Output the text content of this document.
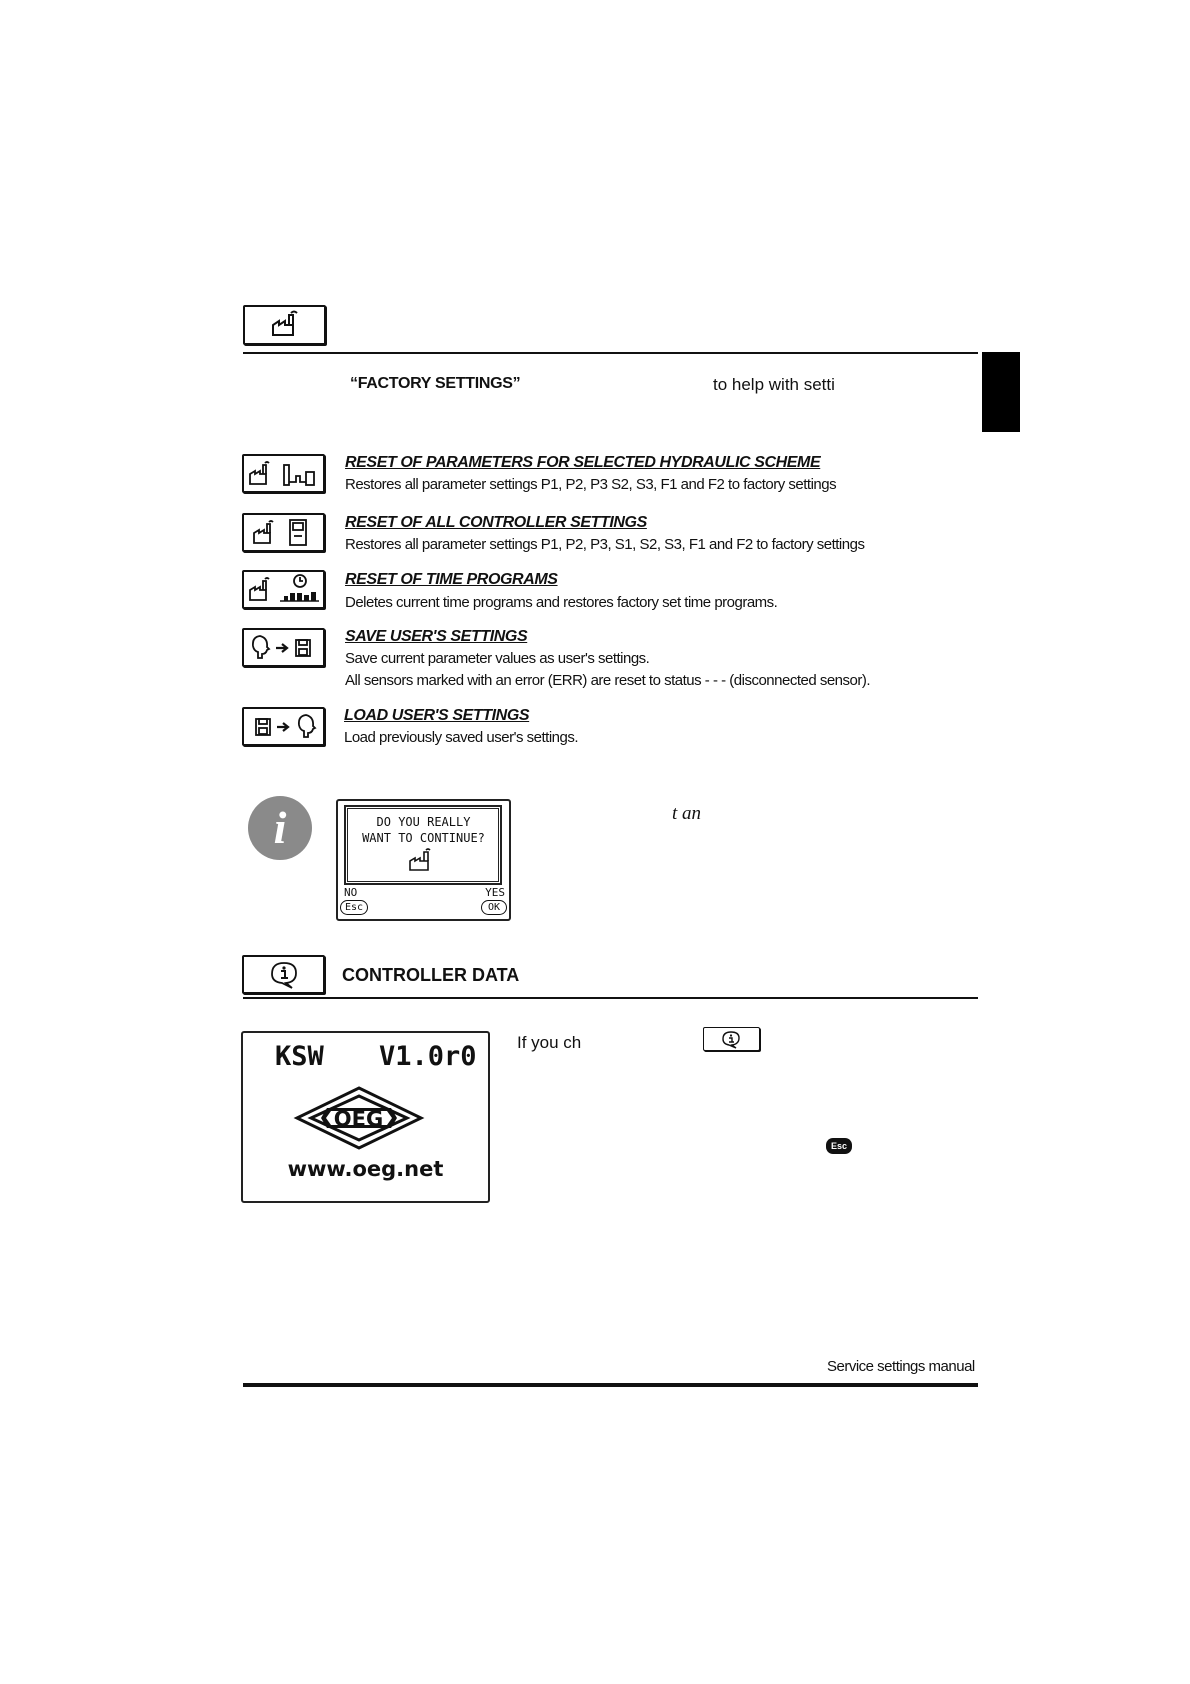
“FACTORY SETTINGS”	to help with setti
RESET OF PARAMETERS FOR SELECTED HYDRAULIC SCHEME
Restores all parameter settings P1, P2, P3 S2, S3, F1 and F2 to factory settings
RESET OF ALL CONTROLLER SETTINGS
Restores all parameter settings P1, P2, P3, S1, S2, S3, F1 and F2 to factory settings
RESET OF TIME PROGRAMS
Deletes current time programs and restores factory set time programs.
SAVE USER'S SETTINGS
Save current parameter values as user's settings.
All sensors marked with an error (ERR) are reset to status - - - (disconnected sensor).
LOAD USER'S SETTINGS
Load previously saved user's settings.
i	DO YOU REALLY
WANT TO CONTINUE?
NO	YES
Esc	OK
t an
CONTROLLER DATA
KSW V1.0r0
OEG
www.oeg.net
If you ch
Esc
Service settings manual
